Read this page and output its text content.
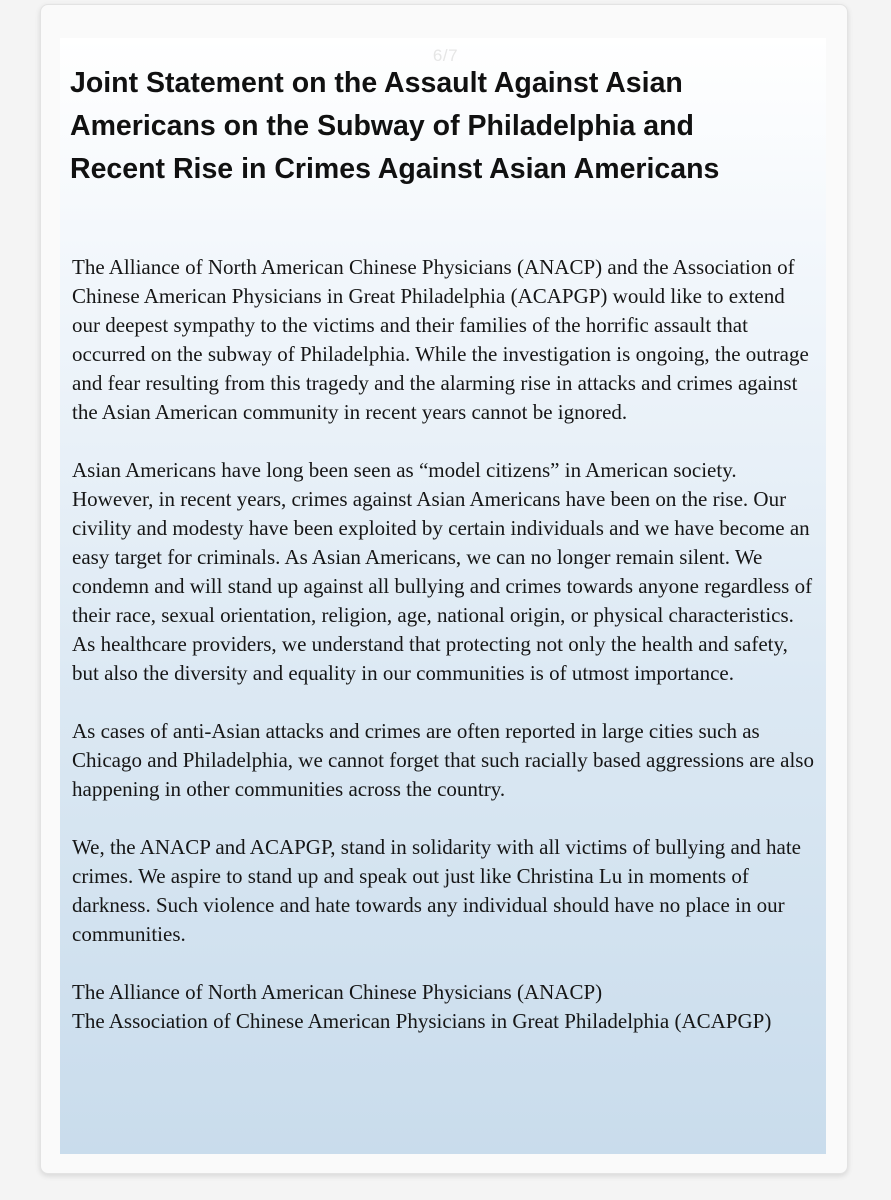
6/7
Joint Statement on the Assault Against Asian Americans on the Subway of Philadelphia and Recent Rise in Crimes Against Asian Americans

The Alliance of North American Chinese Physicians (ANACP) and the Association of Chinese American Physicians in Great Philadelphia (ACAPGP) would like to extend our deepest sympathy to the victims and their families of the horrific assault that occurred on the subway of Philadelphia. While the investigation is ongoing, the outrage and fear resulting from this tragedy and the alarming rise in attacks and crimes against the Asian American community in recent years cannot be ignored.

Asian Americans have long been seen as “model citizens” in American society. However, in recent years, crimes against Asian Americans have been on the rise. Our civility and modesty have been exploited by certain individuals and we have become an easy target for criminals. As Asian Americans, we can no longer remain silent. We condemn and will stand up against all bullying and crimes towards anyone regardless of their race, sexual orientation, religion, age, national origin, or physical characteristics. As healthcare providers, we understand that protecting not only the health and safety, but also the diversity and equality in our communities is of utmost importance.

As cases of anti-Asian attacks and crimes are often reported in large cities such as Chicago and Philadelphia, we cannot forget that such racially based aggressions are also happening in other communities across the country.

We, the ANACP and ACAPGP, stand in solidarity with all victims of bullying and hate crimes. We aspire to stand up and speak out just like Christina Lu in moments of darkness. Such violence and hate towards any individual should have no place in our communities.

The Alliance of North American Chinese Physicians (ANACP)
The Association of Chinese American Physicians in Great Philadelphia (ACAPGP)
